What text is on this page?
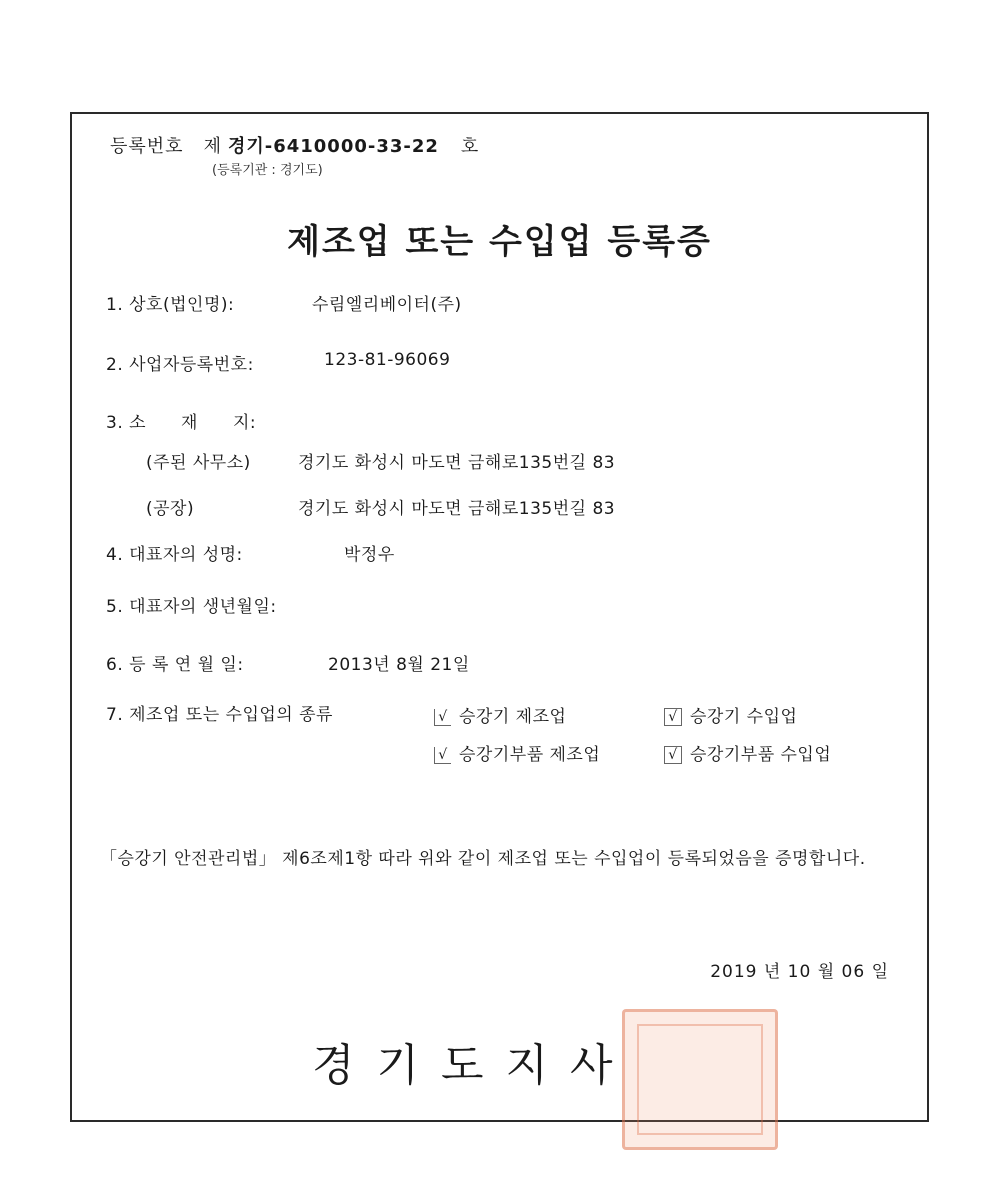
등록번호 제 경기-6410000-33-22 호
(등록기관 : 경기도)
제조업 또는 수입업 등록증
1. 상호(법인명):	수림엘리베이터(주)
2. 사업자등록번호:	123-81-96069
3. 소　　재　　지:
(주된 사무소)	경기도 화성시 마도면 금해로135번길 83
(공장)	경기도 화성시 마도면 금해로135번길 83
4. 대표자의 성명:	박정우
5. 대표자의 생년월일:
6. 등 록 연 월 일:	2013년 8월 21일
7. 제조업 또는 수입업의 종류	√ 승강기 제조업	√ 승강기 수입업
√ 승강기부품 제조업	√ 승강기부품 수입업
「승강기 안전관리법」 제6조제1항 따라 위와 같이 제조업 또는 수입업이 등록되었음을 증명합니다.
2019 년 10 월 06 일
경기도지사
